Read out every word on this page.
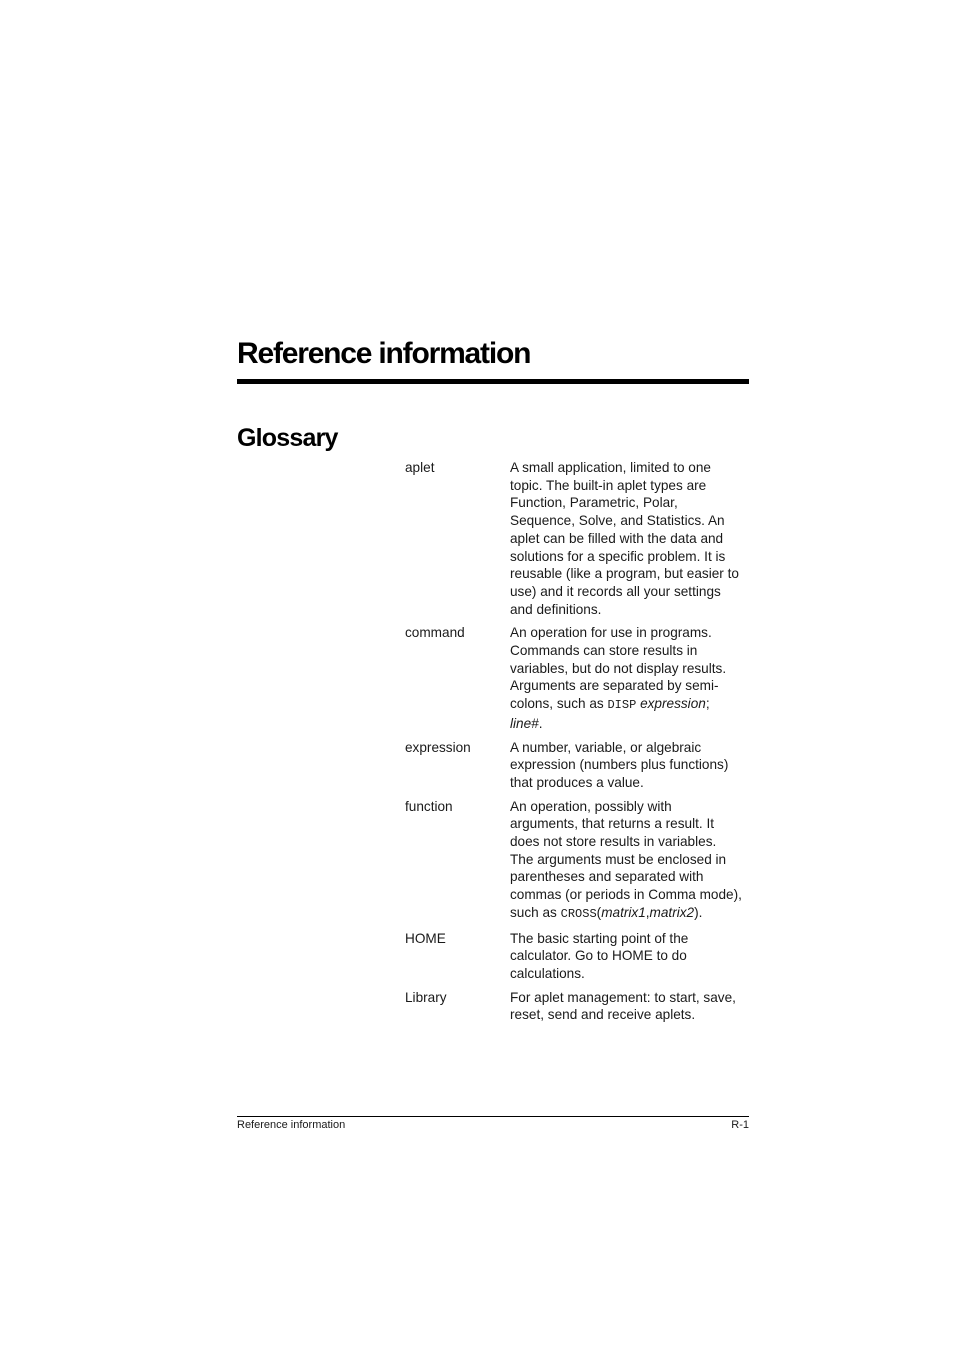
Reference information
Glossary
aplet	A small application, limited to one topic. The built-in aplet types are Function, Parametric, Polar, Sequence, Solve, and Statistics. An aplet can be filled with the data and solutions for a specific problem. It is reusable (like a program, but easier to use) and it records all your settings and definitions.
command	An operation for use in programs. Commands can store results in variables, but do not display results. Arguments are separated by semi-colons, such as DISP expression; line#.
expression	A number, variable, or algebraic expression (numbers plus functions) that produces a value.
function	An operation, possibly with arguments, that returns a result. It does not store results in variables. The arguments must be enclosed in parentheses and separated with commas (or periods in Comma mode), such as CROSS(matrix1,matrix2).
HOME	The basic starting point of the calculator. Go to HOME to do calculations.
Library	For aplet management: to start, save, reset, send and receive aplets.
Reference information	R-1
